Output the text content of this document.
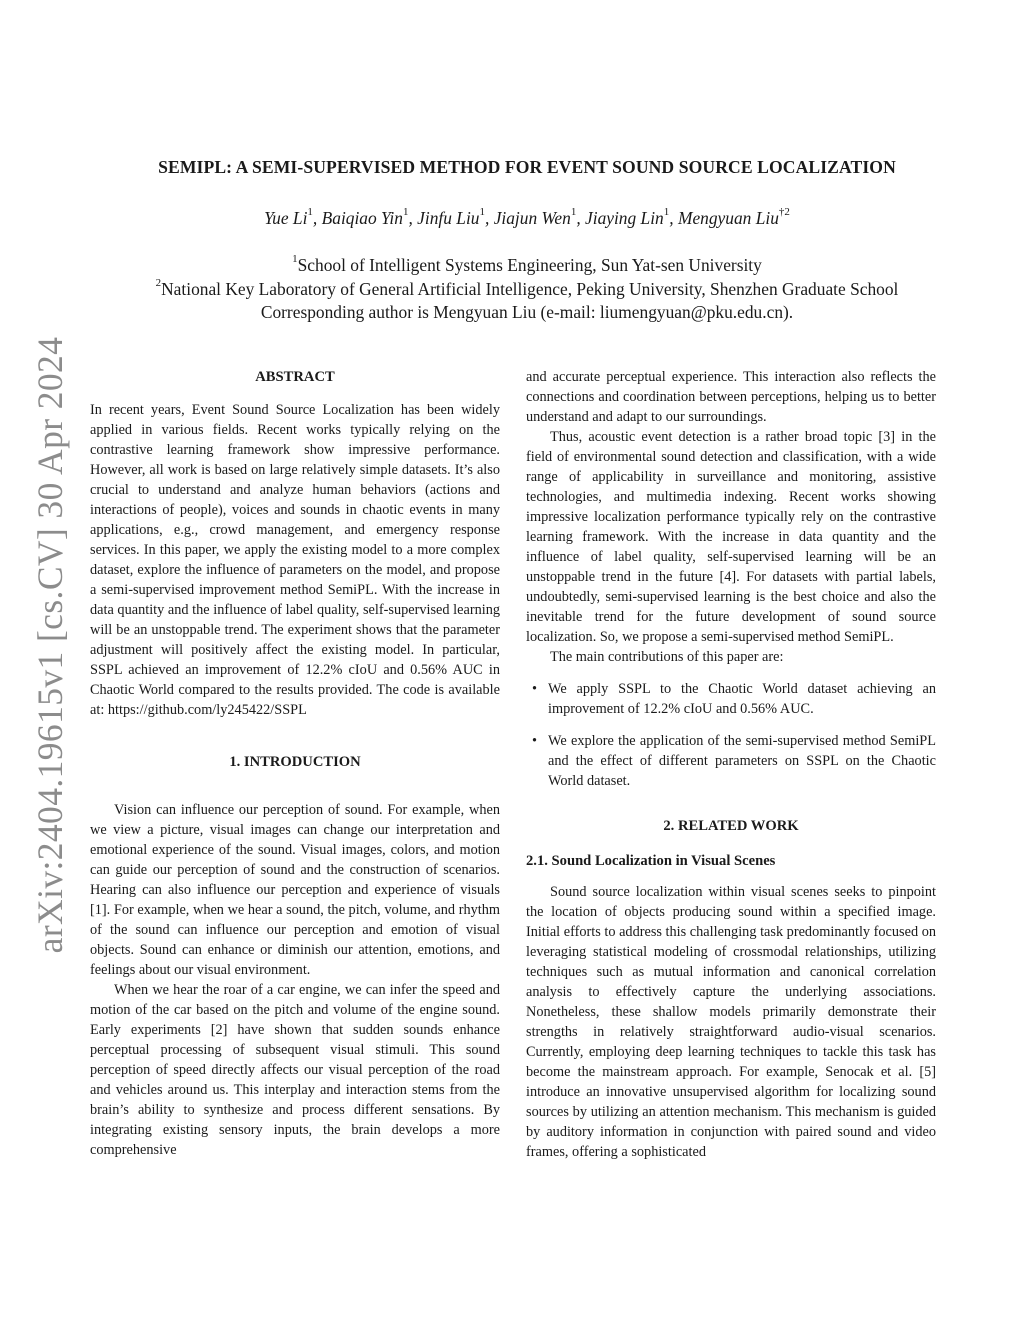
arXiv:2404.19615v1 [cs.CV] 30 Apr 2024
SEMIPL: A SEMI-SUPERVISED METHOD FOR EVENT SOUND SOURCE LOCALIZATION
Yue Li$^1$, Baiqiao Yin$^1$, Jinfu Liu$^1$, Jiajun Wen$^1$, Jiaying Lin$^1$, Mengyuan Liu$^{\dagger 2}$
$^1$School of Intelligent Systems Engineering, Sun Yat-sen University
$^2$National Key Laboratory of General Artificial Intelligence, Peking University, Shenzhen Graduate School
Corresponding author is Mengyuan Liu (e-mail: liumengyuan@pku.edu.cn).
ABSTRACT

In recent years, Event Sound Source Localization has been widely applied in various fields. Recent works typically relying on the contrastive learning framework show impressive performance. However, all work is based on large relatively simple datasets. It’s also crucial to understand and analyze human behaviors (actions and interactions of people), voices and sounds in chaotic events in many applications, e.g., crowd management, and emergency response services. In this paper, we apply the existing model to a more complex dataset, explore the influence of parameters on the model, and propose a semi-supervised improvement method SemiPL. With the increase in data quantity and the influence of label quality, self-supervised learning will be an unstoppable trend. The experiment shows that the parameter adjustment will positively affect the existing model. In particular, SSPL achieved an improvement of 12.2% cIoU and 0.56% AUC in Chaotic World compared to the results provided. The code is available at: https://github.com/ly245422/SSPL

1. INTRODUCTION

Vision can influence our perception of sound. For example, when we view a picture, visual images can change our interpretation and emotional experience of the sound. Visual images, colors, and motion can guide our perception of sound and the construction of scenarios. Hearing can also influence our perception and experience of visuals [1]. For example, when we hear a sound, the pitch, volume, and rhythm of the sound can influence our perception and emotion of visual objects. Sound can enhance or diminish our attention, emotions, and feelings about our visual environment.

When we hear the roar of a car engine, we can infer the speed and motion of the car based on the pitch and volume of the engine sound. Early experiments [2] have shown that sudden sounds enhance perceptual processing of subsequent visual stimuli. This sound perception of speed directly affects our visual perception of the road and vehicles around us. This interplay and interaction stems from the brain’s ability to synthesize and process different sensations. By integrating existing sensory inputs, the brain develops a more comprehensive

and accurate perceptual experience. This interaction also reflects the connections and coordination between perceptions, helping us to better understand and adapt to our surroundings.

Thus, acoustic event detection is a rather broad topic [3] in the field of environmental sound detection and classification, with a wide range of applicability in surveillance and monitoring, assistive technologies, and multimedia indexing. Recent works showing impressive localization performance typically rely on the contrastive learning framework. With the increase in data quantity and the influence of label quality, self-supervised learning will be an unstoppable trend in the future [4]. For datasets with partial labels, undoubtedly, semi-supervised learning is the best choice and also the inevitable trend for the future development of sound source localization. So, we propose a semi-supervised method SemiPL.

The main contributions of this paper are:

• We apply SSPL to the Chaotic World dataset achieving an improvement of 12.2% cIoU and 0.56% AUC.
• We explore the application of the semi-supervised method SemiPL and the effect of different parameters on SSPL on the Chaotic World dataset.
2. RELATED WORK
2.1. Sound Localization in Visual Scenes

Sound source localization within visual scenes seeks to pinpoint the location of objects producing sound within a specified image. Initial efforts to address this challenging task predominantly focused on leveraging statistical modeling of crossmodal relationships, utilizing techniques such as mutual information and canonical correlation analysis to effectively capture the underlying associations. Nonetheless, these shallow models primarily demonstrate their strengths in relatively straightforward audio-visual scenarios. Currently, employing deep learning techniques to tackle this task has become the mainstream approach. For example, Senocak et al. [5] introduce an innovative unsupervised algorithm for localizing sound sources by utilizing an attention mechanism. This mechanism is guided by auditory information in conjunction with paired sound and video frames, offering a sophisticated
